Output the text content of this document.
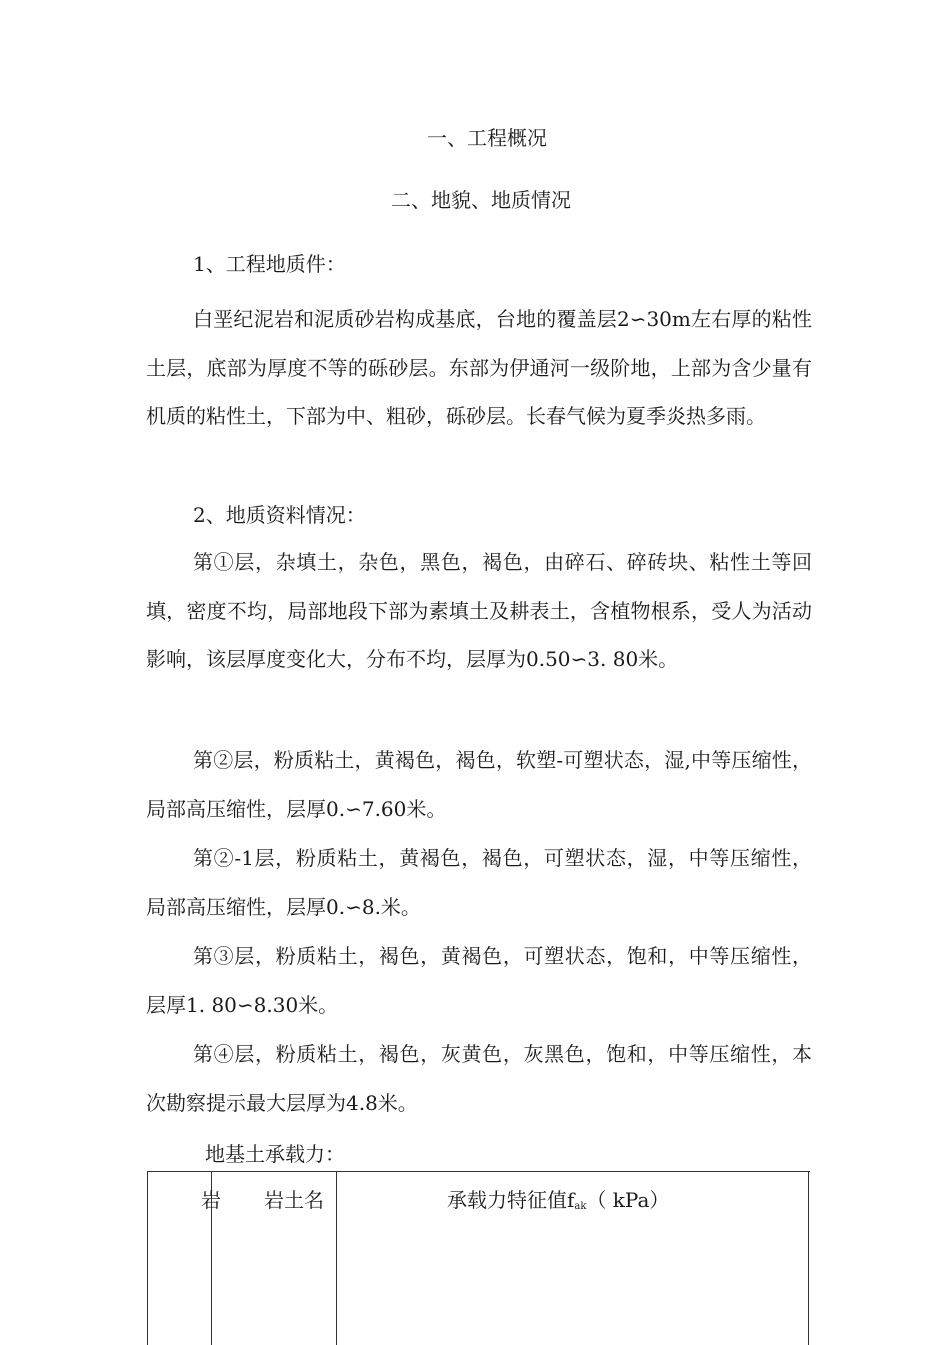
一、工程概况
二、地貌、地质情况
1、工程地质件：

白垩纪泥岩和泥质砂岩构成基底，台地的覆盖层2∽30m左右厚的粘性土层，底部为厚度不等的砾砂层。东部为伊通河一级阶地，上部为含少量有机质的粘性土，下部为中、粗砂，砾砂层。长春气候为夏季炎热多雨。

2、地质资料情况：

第①层，杂填土，杂色，黑色，褐色，由碎石、碎砖块、粘性土等回填，密度不均，局部地段下部为素填土及耕表土，含植物根系，受人为活动影响，该层厚度变化大，分布不均，层厚为0.50∽3. 80米。

第②层，粉质粘土，黄褐色，褐色，软塑-可塑状态，湿,中等压缩性，局部高压缩性，层厚0.∽7.60米。

第②-1层，粉质粘土，黄褐色，褐色，可塑状态，湿，中等压缩性，局部高压缩性，层厚0.∽8.米。

第③层，粉质粘土，褐色，黄褐色，可塑状态，饱和，中等压缩性，层厚1. 80∽8.30米。

第④层，粉质粘土，褐色，灰黄色，灰黑色，饱和，中等压缩性，本次勘察提示最大层厚为4.8米。

地基土承载力：
岩 岩土名	承载力特征值fak（ kPa）
